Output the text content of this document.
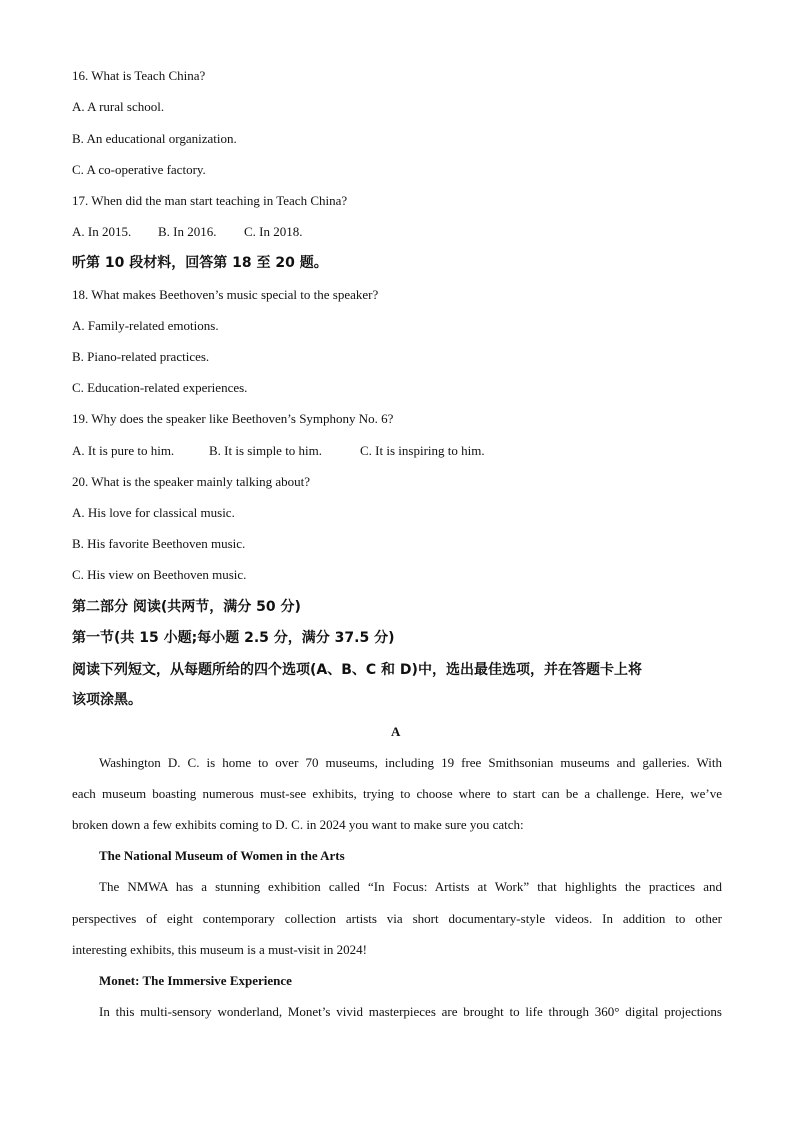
16. What is Teach China?
A. A rural school.
B. An educational organization.
C. A co-operative factory.
17. When did the man start teaching in Teach China?
A. In 2015. B. In 2016. C. In 2018.
听第 10 段材料，回答第 18 至 20 题。
18. What makes Beethoven’s music special to the speaker?
A. Family-related emotions.
B. Piano-related practices.
C. Education-related experiences.
19. Why does the speaker like Beethoven’s Symphony No. 6?
A. It is pure to him.	B. It is simple to him.	C. It is inspiring to him.
20. What is the speaker mainly talking about?
A. His love for classical music.
B. His favorite Beethoven music.
C. His view on Beethoven music.
第二部分 阅读(共两节，满分 50 分)
第一节(共 15 小题;每小题 2.5 分，满分 37.5 分)
阅读下列短文，从每题所给的四个选项(A、B、C 和 D)中，选出最佳选项，并在答题卡上将
该项涂黑。
A
Washington D. C. is home to over 70 museums, including 19 free Smithsonian museums and galleries. With
each museum boasting numerous must-see exhibits, trying to choose where to start can be a challenge. Here, we’ve
broken down a few exhibits coming to D. C. in 2024 you want to make sure you catch:
The National Museum of Women in the Arts
The NMWA has a stunning exhibition called “In Focus: Artists at Work” that highlights the practices and
perspectives of eight contemporary collection artists via short documentary-style videos. In addition to other
interesting exhibits, this museum is a must-visit in 2024!
Monet: The Immersive Experience
In this multi-sensory wonderland, Monet’s vivid masterpieces are brought to life through 360° digital projections
